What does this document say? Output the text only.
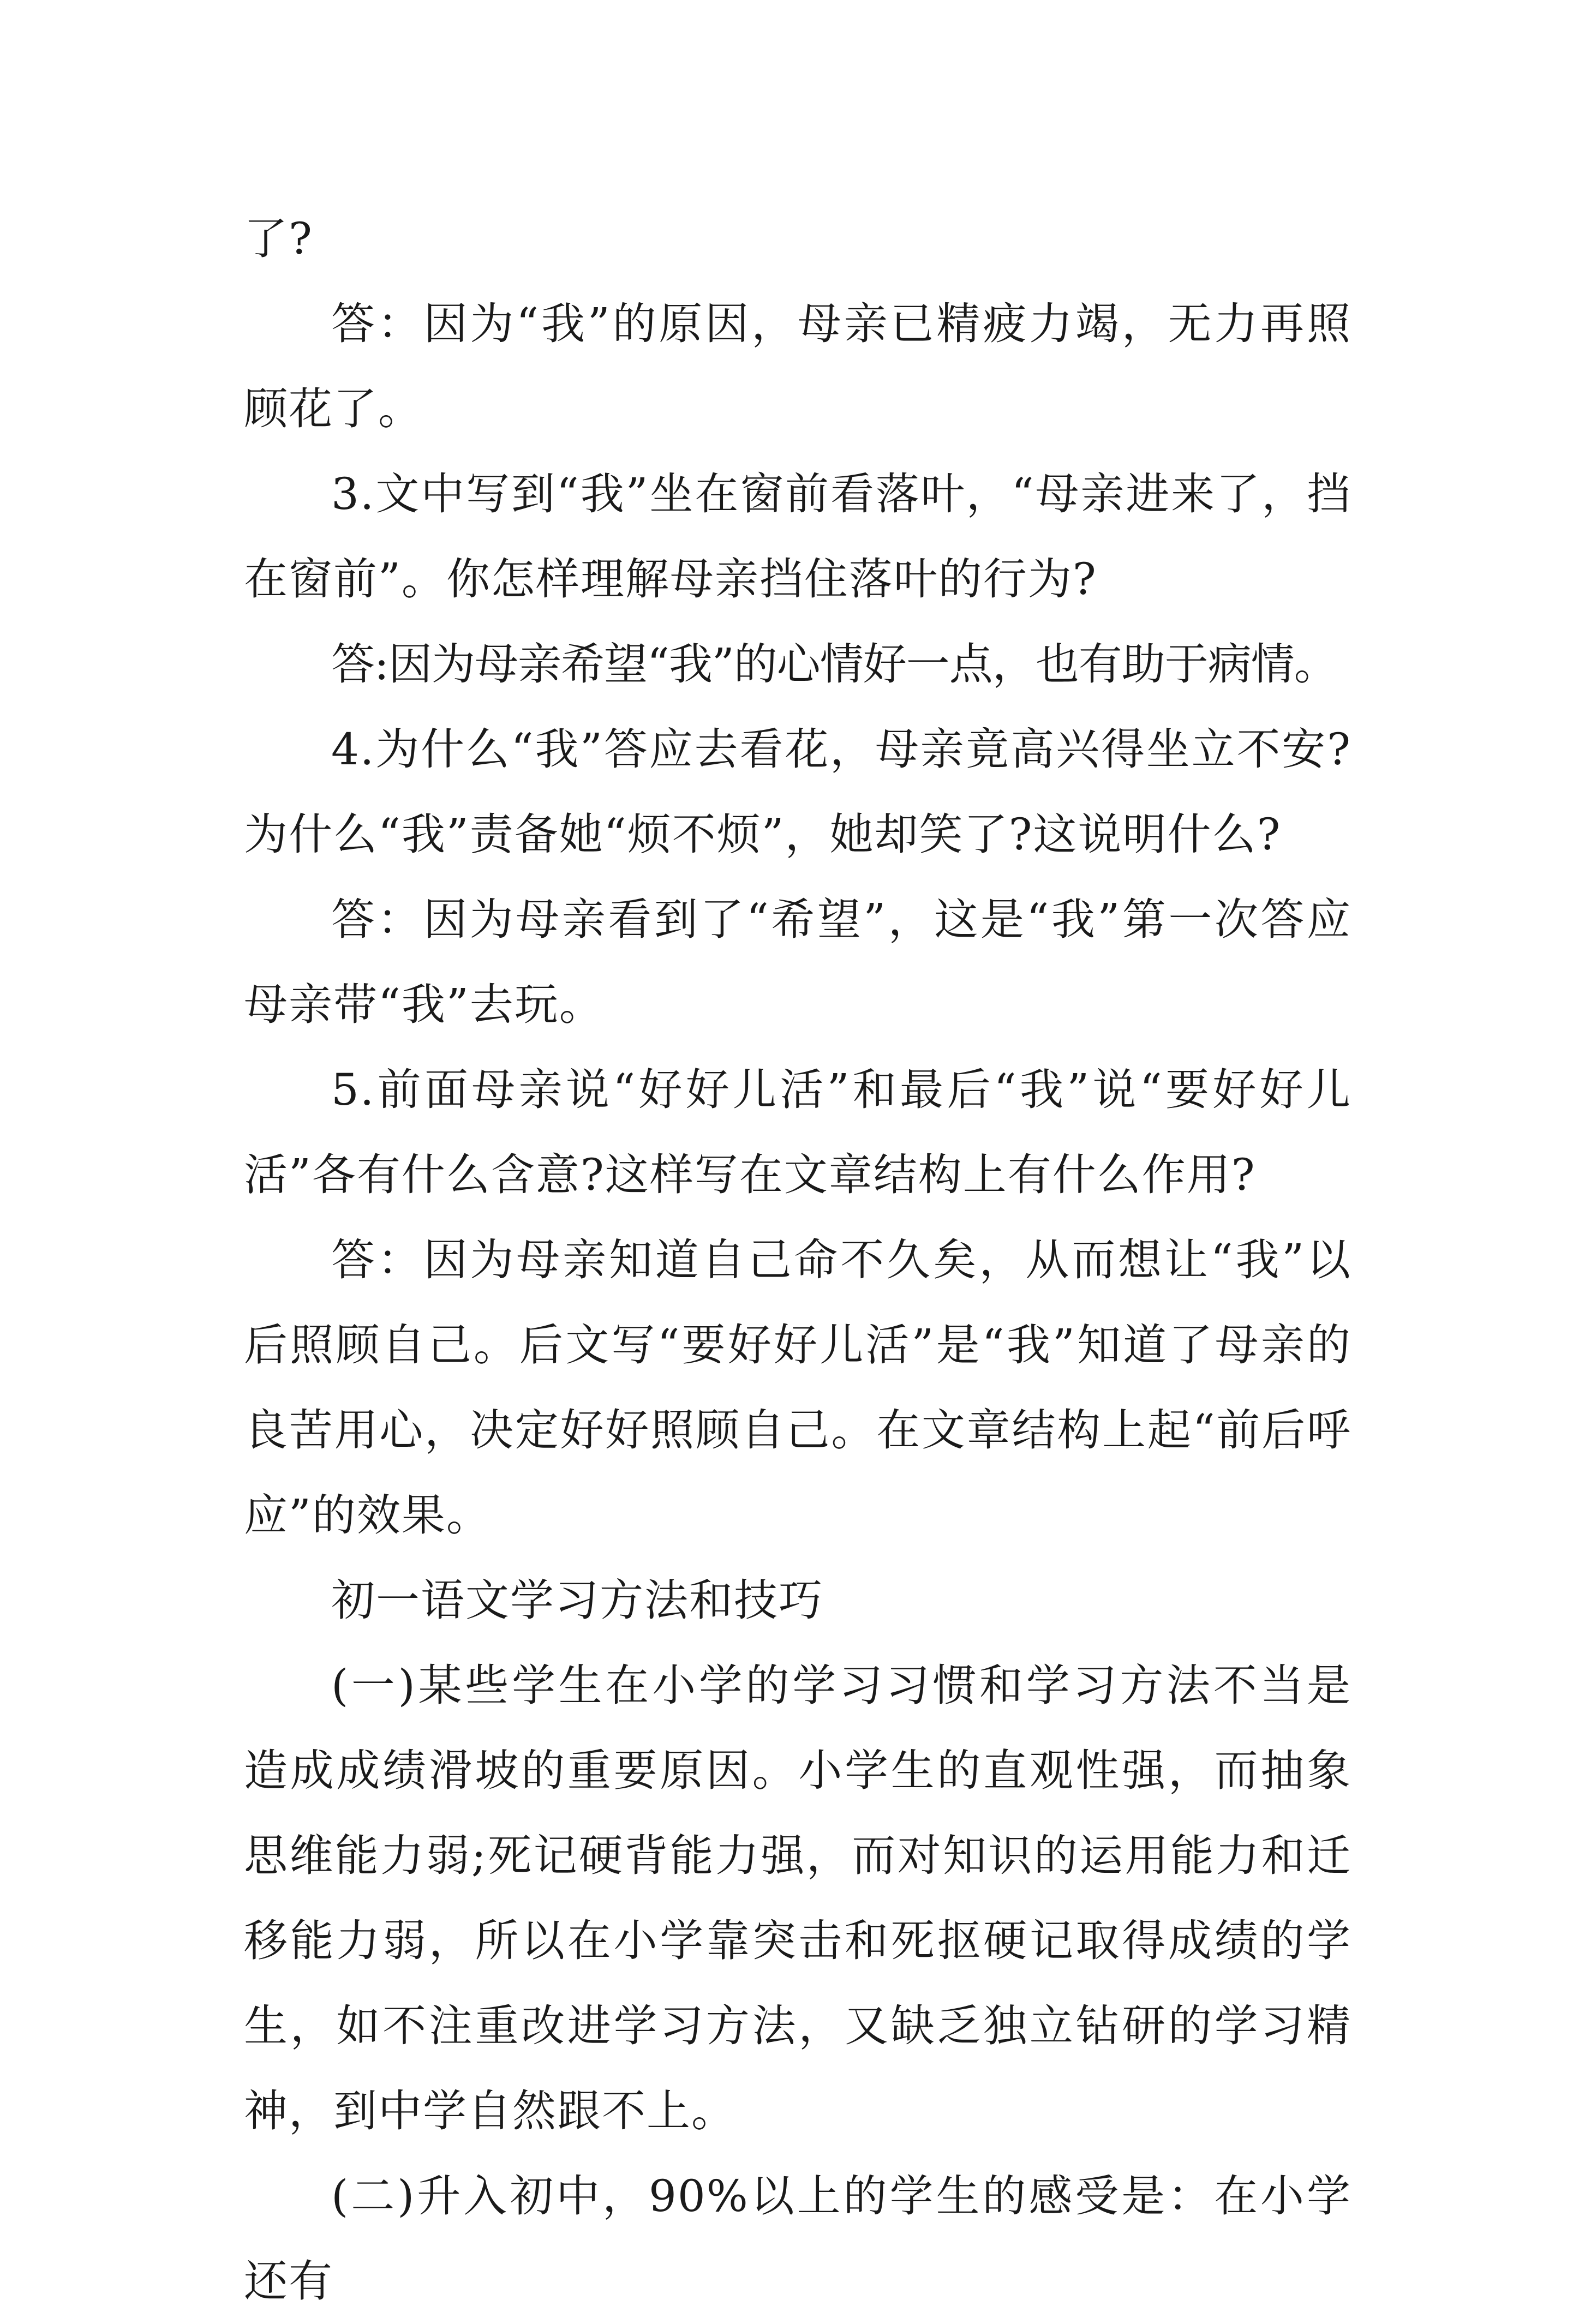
了?

答：因为“我”的原因，母亲已精疲力竭，无力再照顾花了。

3.文中写到“我”坐在窗前看落叶，“母亲进来了，挡在窗前”。你怎样理解母亲挡住落叶的行为?

答:因为母亲希望“我”的心情好一点，也有助于病情。

4.为什么“我”答应去看花，母亲竟高兴得坐立不安?为什么“我”责备她“烦不烦”，她却笑了?这说明什么?

答：因为母亲看到了“希望”，这是“我”第一次答应母亲带“我”去玩。

5.前面母亲说“好好儿活”和最后“我”说“要好好儿活”各有什么含意?这样写在文章结构上有什么作用?

答：因为母亲知道自己命不久矣，从而想让“我”以后照顾自己。后文写“要好好儿活”是“我”知道了母亲的良苦用心，决定好好照顾自己。在文章结构上起“前后呼应”的效果。

初一语文学习方法和技巧

(一)某些学生在小学的学习习惯和学习方法不当是造成成绩滑坡的重要原因。小学生的直观性强，而抽象思维能力弱;死记硬背能力强，而对知识的运用能力和迁移能力弱，所以在小学靠突击和死抠硬记取得成绩的学生，如不注重改进学习方法，又缺乏独立钻研的学习精神，到中学自然跟不上。

(二)升入初中，90%以上的学生的感受是：在小学还有
